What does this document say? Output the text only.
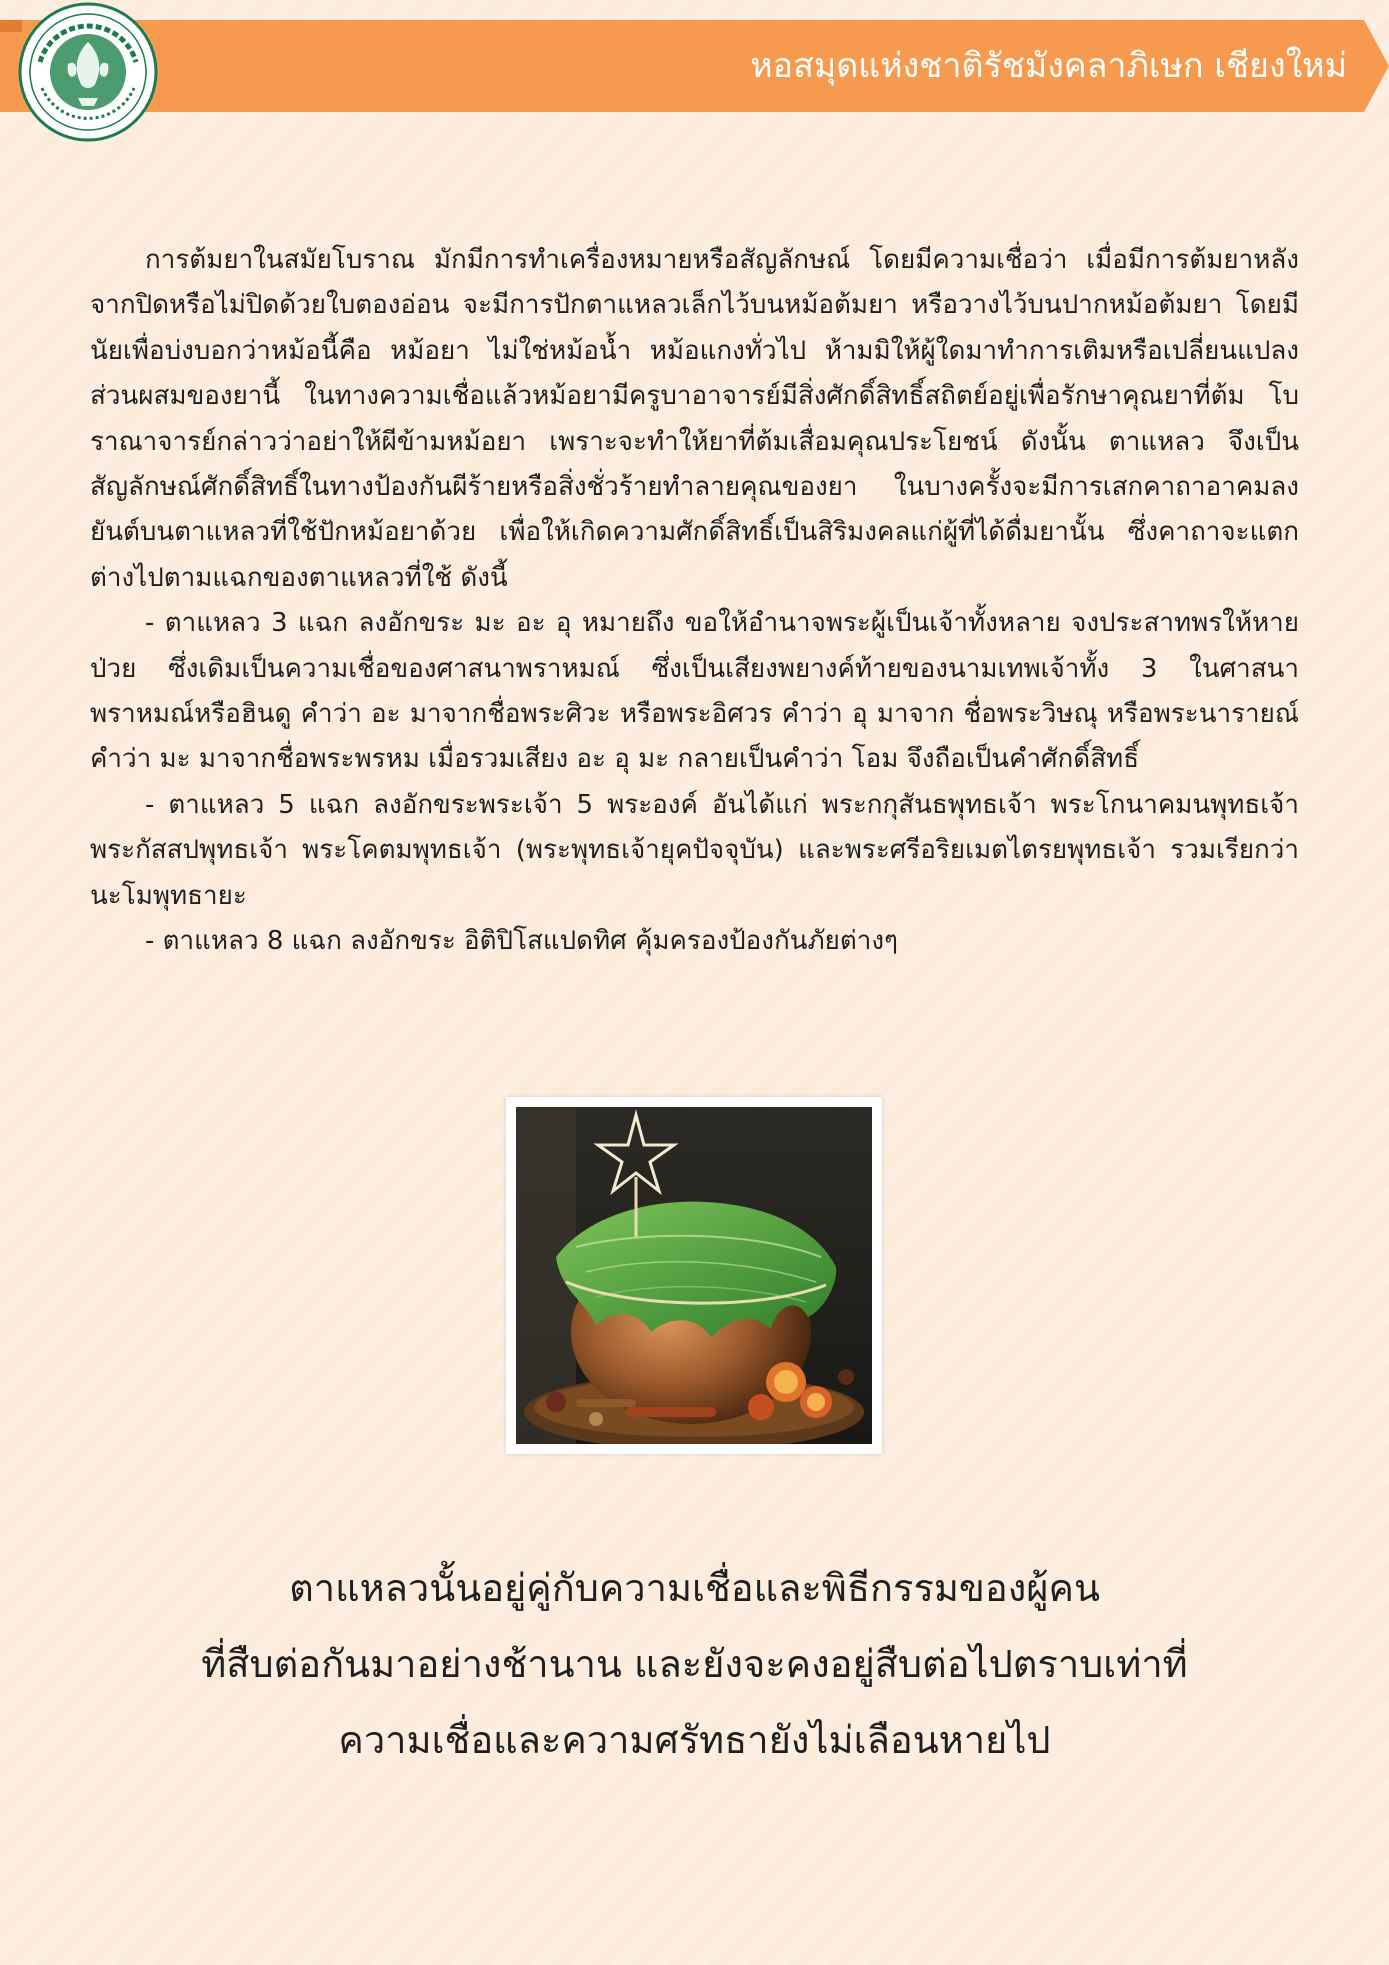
หอสมุดแห่งชาติรัชมังคลาภิเษก เชียงใหม่

การต้มยาในสมัยโบราณ มักมีการทำเครื่องหมายหรือสัญลักษณ์ โดยมีความเชื่อว่า เมื่อมีการต้มยาหลังจากปิดหรือไม่ปิดด้วยใบตองอ่อน จะมีการปักตาแหลวเล็กไว้บนหม้อต้มยา หรือวางไว้บนปากหม้อต้มยา โดยมีนัยเพื่อบ่งบอกว่าหม้อนี้คือ หม้อยา ไม่ใช่หม้อน้ำ หม้อแกงทั่วไป ห้ามมิให้ผู้ใดมาทำการเติมหรือเปลี่ยนแปลงส่วนผสมของยานี้ ในทางความเชื่อแล้วหม้อยามีครูบาอาจารย์มีสิ่งศักดิ์สิทธิ์สถิตย์อยู่เพื่อรักษาคุณยาที่ต้ม โบราณาจารย์กล่าวว่าอย่าให้ผีข้ามหม้อยา เพราะจะทำให้ยาที่ต้มเสื่อมคุณประโยชน์ ดังนั้น ตาแหลว จึงเป็นสัญลักษณ์ศักดิ์สิทธิ์ในทางป้องกันผีร้ายหรือสิ่งชั่วร้ายทำลายคุณของยา ในบางครั้งจะมีการเสกคาถาอาคมลงยันต์บนตาแหลวที่ใช้ปักหม้อยาด้วย เพื่อให้เกิดความศักดิ์สิทธิ์เป็นสิริมงคลแก่ผู้ที่ได้ดื่มยานั้น ซึ่งคาถาจะแตกต่างไปตามแฉกของตาแหลวที่ใช้ ดังนี้

- ตาแหลว 3 แฉก ลงอักขระ มะ อะ อุ หมายถึง ขอให้อำนาจพระผู้เป็นเจ้าทั้งหลาย จงประสาทพรให้หายป่วย ซึ่งเดิมเป็นความเชื่อของศาสนาพราหมณ์ ซึ่งเป็นเสียงพยางค์ท้ายของนามเทพเจ้าทั้ง 3 ในศาสนาพราหมณ์หรือฮินดู คำว่า อะ มาจากชื่อพระศิวะ หรือพระอิศวร คำว่า อุ มาจาก ชื่อพระวิษณุ หรือพระนารายณ์ คำว่า มะ มาจากชื่อพระพรหม เมื่อรวมเสียง อะ อุ มะ กลายเป็นคำว่า โอม จึงถือเป็นคำศักดิ์สิทธิ์

- ตาแหลว 5 แฉก ลงอักขระพระเจ้า 5 พระองค์ อันได้แก่ พระกกุสันธพุทธเจ้า พระโกนาคมนพุทธเจ้า พระกัสสปพุทธเจ้า พระโคตมพุทธเจ้า (พระพุทธเจ้ายุคปัจจุบัน) และพระศรีอริยเมตไตรยพุทธเจ้า รวมเรียกว่า นะโมพุทธายะ

- ตาแหลว 8 แฉก ลงอักขระ อิติปิโสแปดทิศ คุ้มครองป้องกันภัยต่างๆ

ตาแหลวนั้นอยู่คู่กับความเชื่อและพิธีกรรมของผู้คน

ที่สืบต่อกันมาอย่างช้านาน และยังจะคงอยู่สืบต่อไปตราบเท่าที่

ความเชื่อและความศรัทธายังไม่เลือนหายไป
